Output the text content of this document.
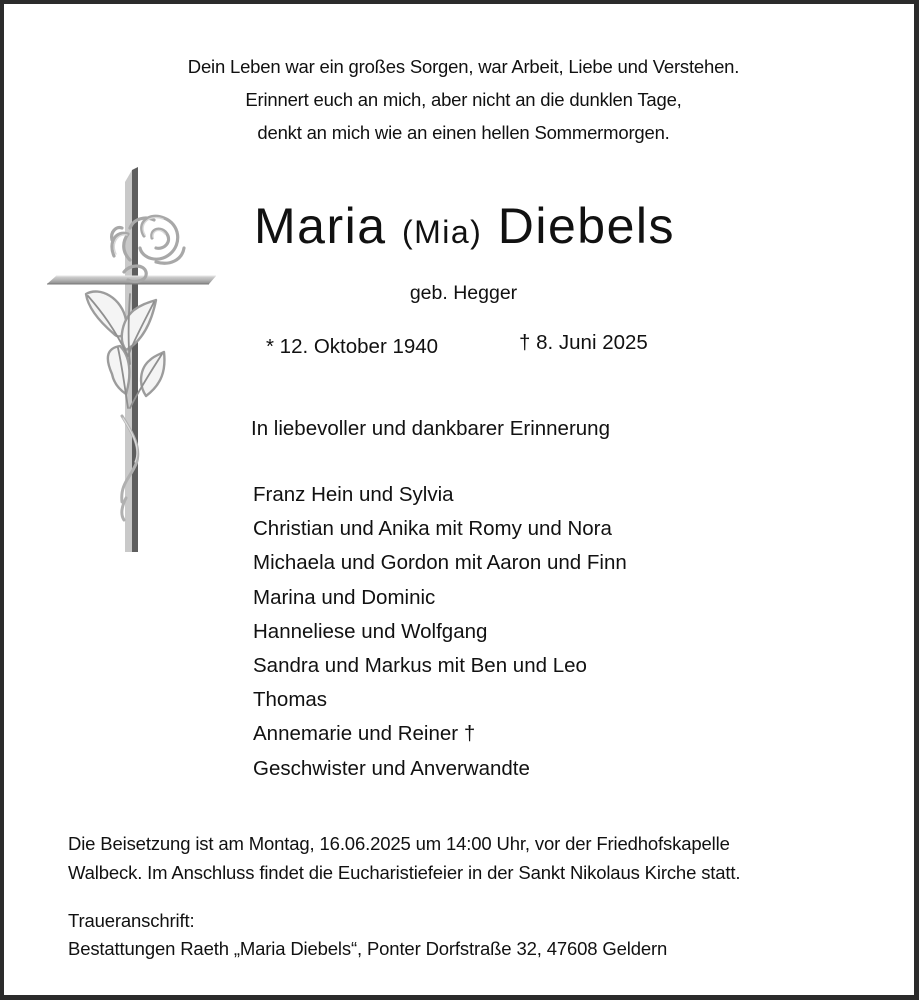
Dein Leben war ein großes Sorgen, war Arbeit, Liebe und Verstehen.
Erinnert euch an mich, aber nicht an die dunklen Tage,
denkt an mich wie an einen hellen Sommermorgen.
Maria (Mia) Diebels
geb. Hegger
* 12. Oktober 1940	† 8. Juni 2025
In liebevoller und dankbarer Erinnerung
Franz Hein und Sylvia
Christian und Anika mit Romy und Nora
Michaela und Gordon mit Aaron und Finn
Marina und Dominic
Hanneliese und Wolfgang
Sandra und Markus mit Ben und Leo
Thomas
Annemarie und Reiner †
Geschwister und Anverwandte
Die Beisetzung ist am Montag, 16.06.2025 um 14:00 Uhr, vor der Friedhofskapelle
Walbeck. Im Anschluss findet die Eucharistiefeier in der Sankt Nikolaus Kirche statt.
Traueranschrift:
Bestattungen Raeth „Maria Diebels“, Ponter Dorfstraße 32, 47608 Geldern
